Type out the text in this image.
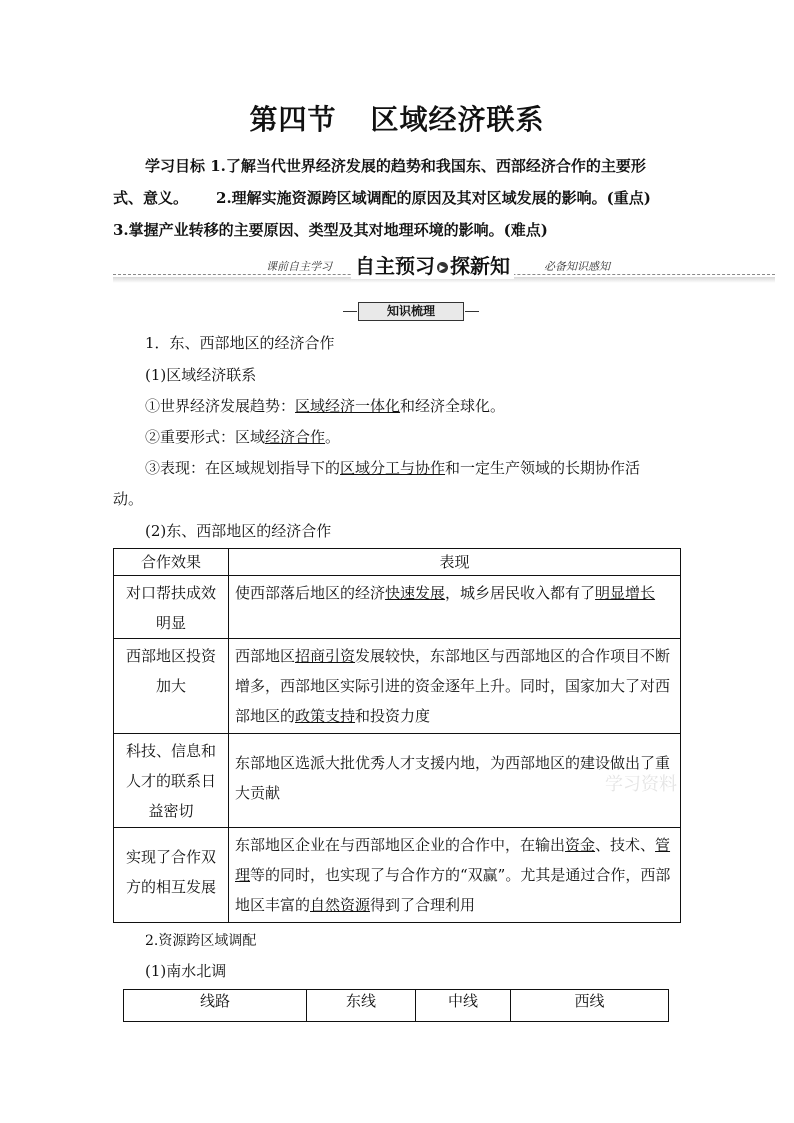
第四节 区域经济联系
学习目标 1.了解当代世界经济发展的趋势和我国东、西部经济合作的主要形
式、意义。 2.理解实施资源跨区域调配的原因及其对区域发展的影响。(重点)
3.掌握产业转移的主要原因、类型及其对地理环境的影响。(难点)
课前自主学习 自主预习 ▶ 探新知	必备知识感知
知识梳理
1．东、西部地区的经济合作
(1)区域经济联系
①世界经济发展趋势：区域经济一体化和经济全球化。
②重要形式：区域经济合作。
③表现：在区域规划指导下的区域分工与协作和一定生产领域的长期协作活
动。
(2)东、西部地区的经济合作
合作效果	表现

对口帮扶成效
明显	使西部落后地区的经济快速发展，城乡居民收入都有了明显增长

西部地区投资
加大	西部地区招商引资发展较快，东部地区与西部地区的合作项目不断增多，西部地区实际引进的资金逐年上升。同时，国家加大了对西部地区的政策支持和投资力度

科技、信息和
人才的联系日
益密切	东部地区选派大批优秀人才支援内地，为西部地区的建设做出了重大贡献

实现了合作双
方的相互发展	东部地区企业在与西部地区企业的合作中，在输出资金、技术、管理等的同时，也实现了与合作方的“双赢”。尤其是通过合作，西部地区丰富的自然资源得到了合理利用
学习资料
2.资源跨区域调配
(1)南水北调
线路	东线	中线	西线
